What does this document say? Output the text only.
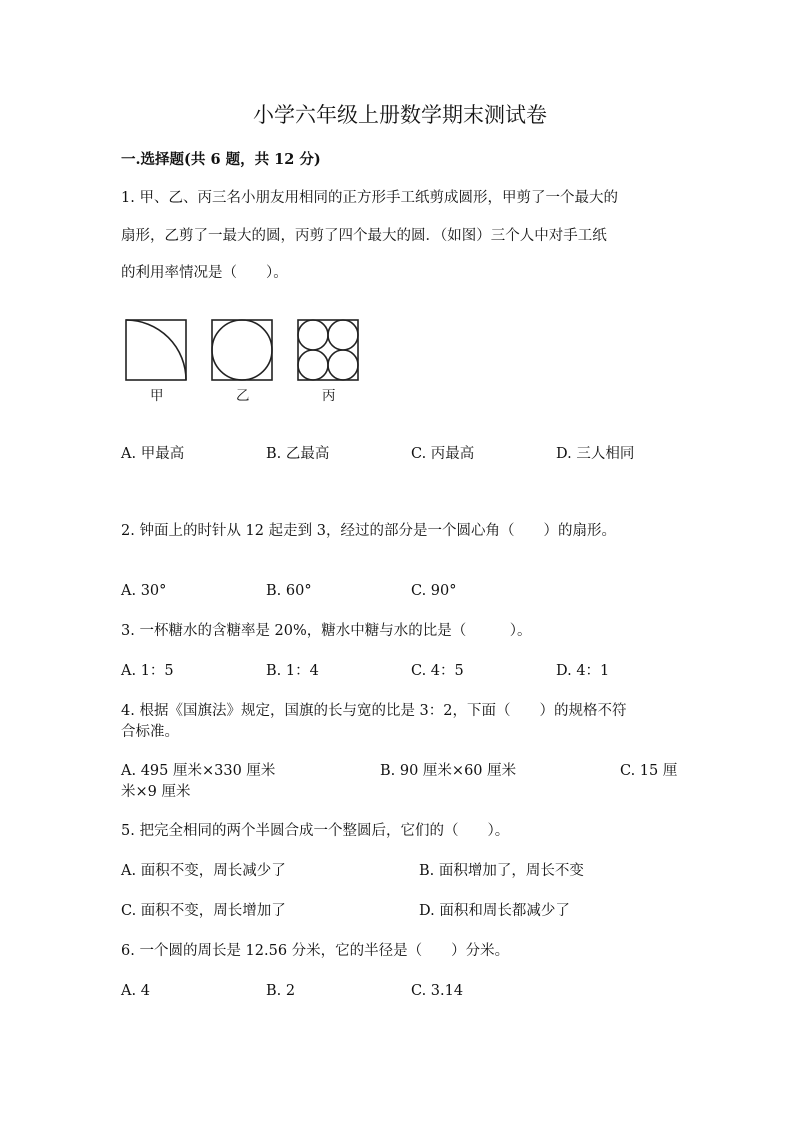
小学六年级上册数学期末测试卷
一.选择题(共 6 题，共 12 分)
1. 甲、乙、丙三名小朋友用相同的正方形手工纸剪成圆形，甲剪了一个最大的
扇形，乙剪了一最大的圆，丙剪了四个最大的圆．（如图）三个人中对手工纸
的利用率情况是（　　）。
甲	乙	丙
A. 甲最高	B. 乙最高	C. 丙最高	D. 三人相同
2. 钟面上的时针从 12 起走到 3，经过的部分是一个圆心角（　　）的扇形。
A. 30°	B. 60°	C. 90°
3. 一杯糖水的含糖率是 20%，糖水中糖与水的比是（　　　）。
A. 1：5	B. 1：4	C. 4：5	D. 4：1
4. 根据《国旗法》规定，国旗的长与宽的比是 3：2，下面（　　）的规格不符
合标准。
A. 495 厘米×330 厘米	B. 90 厘米×60 厘米	C. 15 厘
米×9 厘米
5. 把完全相同的两个半圆合成一个整圆后，它们的（　　）。
A. 面积不变，周长减少了	B. 面积增加了，周长不变
C. 面积不变，周长增加了	D. 面积和周长都减少了
6. 一个圆的周长是 12.56 分米，它的半径是（　　）分米。
A. 4	B. 2	C. 3.14
